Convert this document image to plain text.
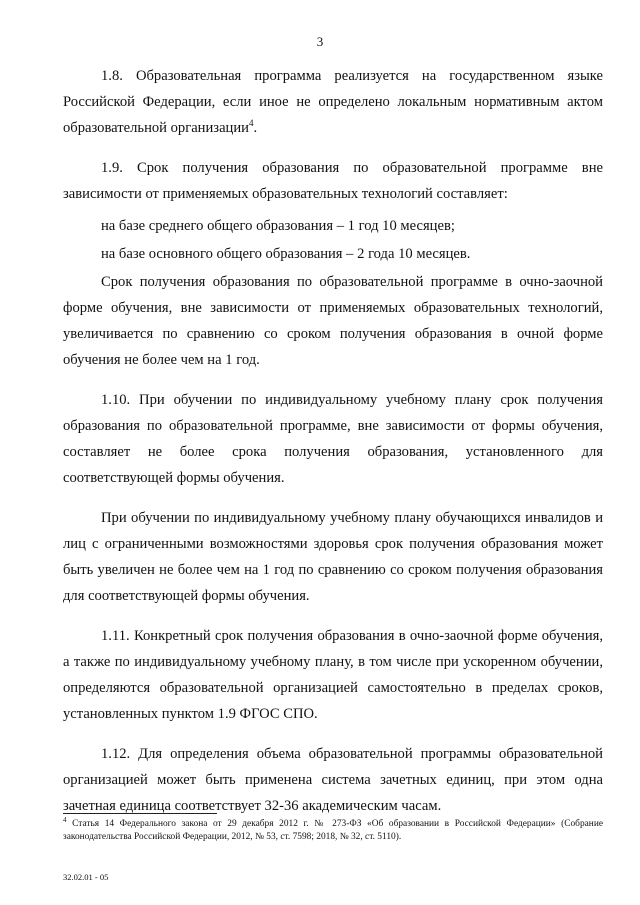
3

1.8. Образовательная программа реализуется на государственном языке Российской Федерации, если иное не определено локальным нормативным актом образовательной организации$^4$.

1.9. Срок получения образования по образовательной программе вне зависимости от применяемых образовательных технологий составляет:

на базе среднего общего образования – 1 год 10 месяцев;

на базе основного общего образования – 2 года 10 месяцев.

Срок получения образования по образовательной программе в очно-заочной форме обучения, вне зависимости от применяемых образовательных технологий, увеличивается по сравнению со сроком получения образования в очной форме обучения не более чем на 1 год.

1.10. При обучении по индивидуальному учебному плану срок получения образования по образовательной программе, вне зависимости от формы обучения, составляет не более срока получения образования, установленного для соответствующей формы обучения.

При обучении по индивидуальному учебному плану обучающихся инвалидов и лиц с ограниченными возможностями здоровья срок получения образования может быть увеличен не более чем на 1 год по сравнению со сроком получения образования для соответствующей формы обучения.

1.11. Конкретный срок получения образования в очно-заочной форме обучения, а также по индивидуальному учебному плану, в том числе при ускоренном обучении, определяются образовательной организацией самостоятельно в пределах сроков, установленных пунктом 1.9 ФГОС СПО.

1.12. Для определения объема образовательной программы образовательной организацией может быть применена система зачетных единиц, при этом одна зачетная единица соответствует 32-36 академическим часам.

$^4$ Статья 14 Федерального закона от 29 декабря 2012 г. № 273-ФЗ «Об образовании в Российской Федерации» (Собрание законодательства Российской Федерации, 2012, № 53, ст. 7598; 2018, № 32, ст. 5110).
32.02.01 - 05
